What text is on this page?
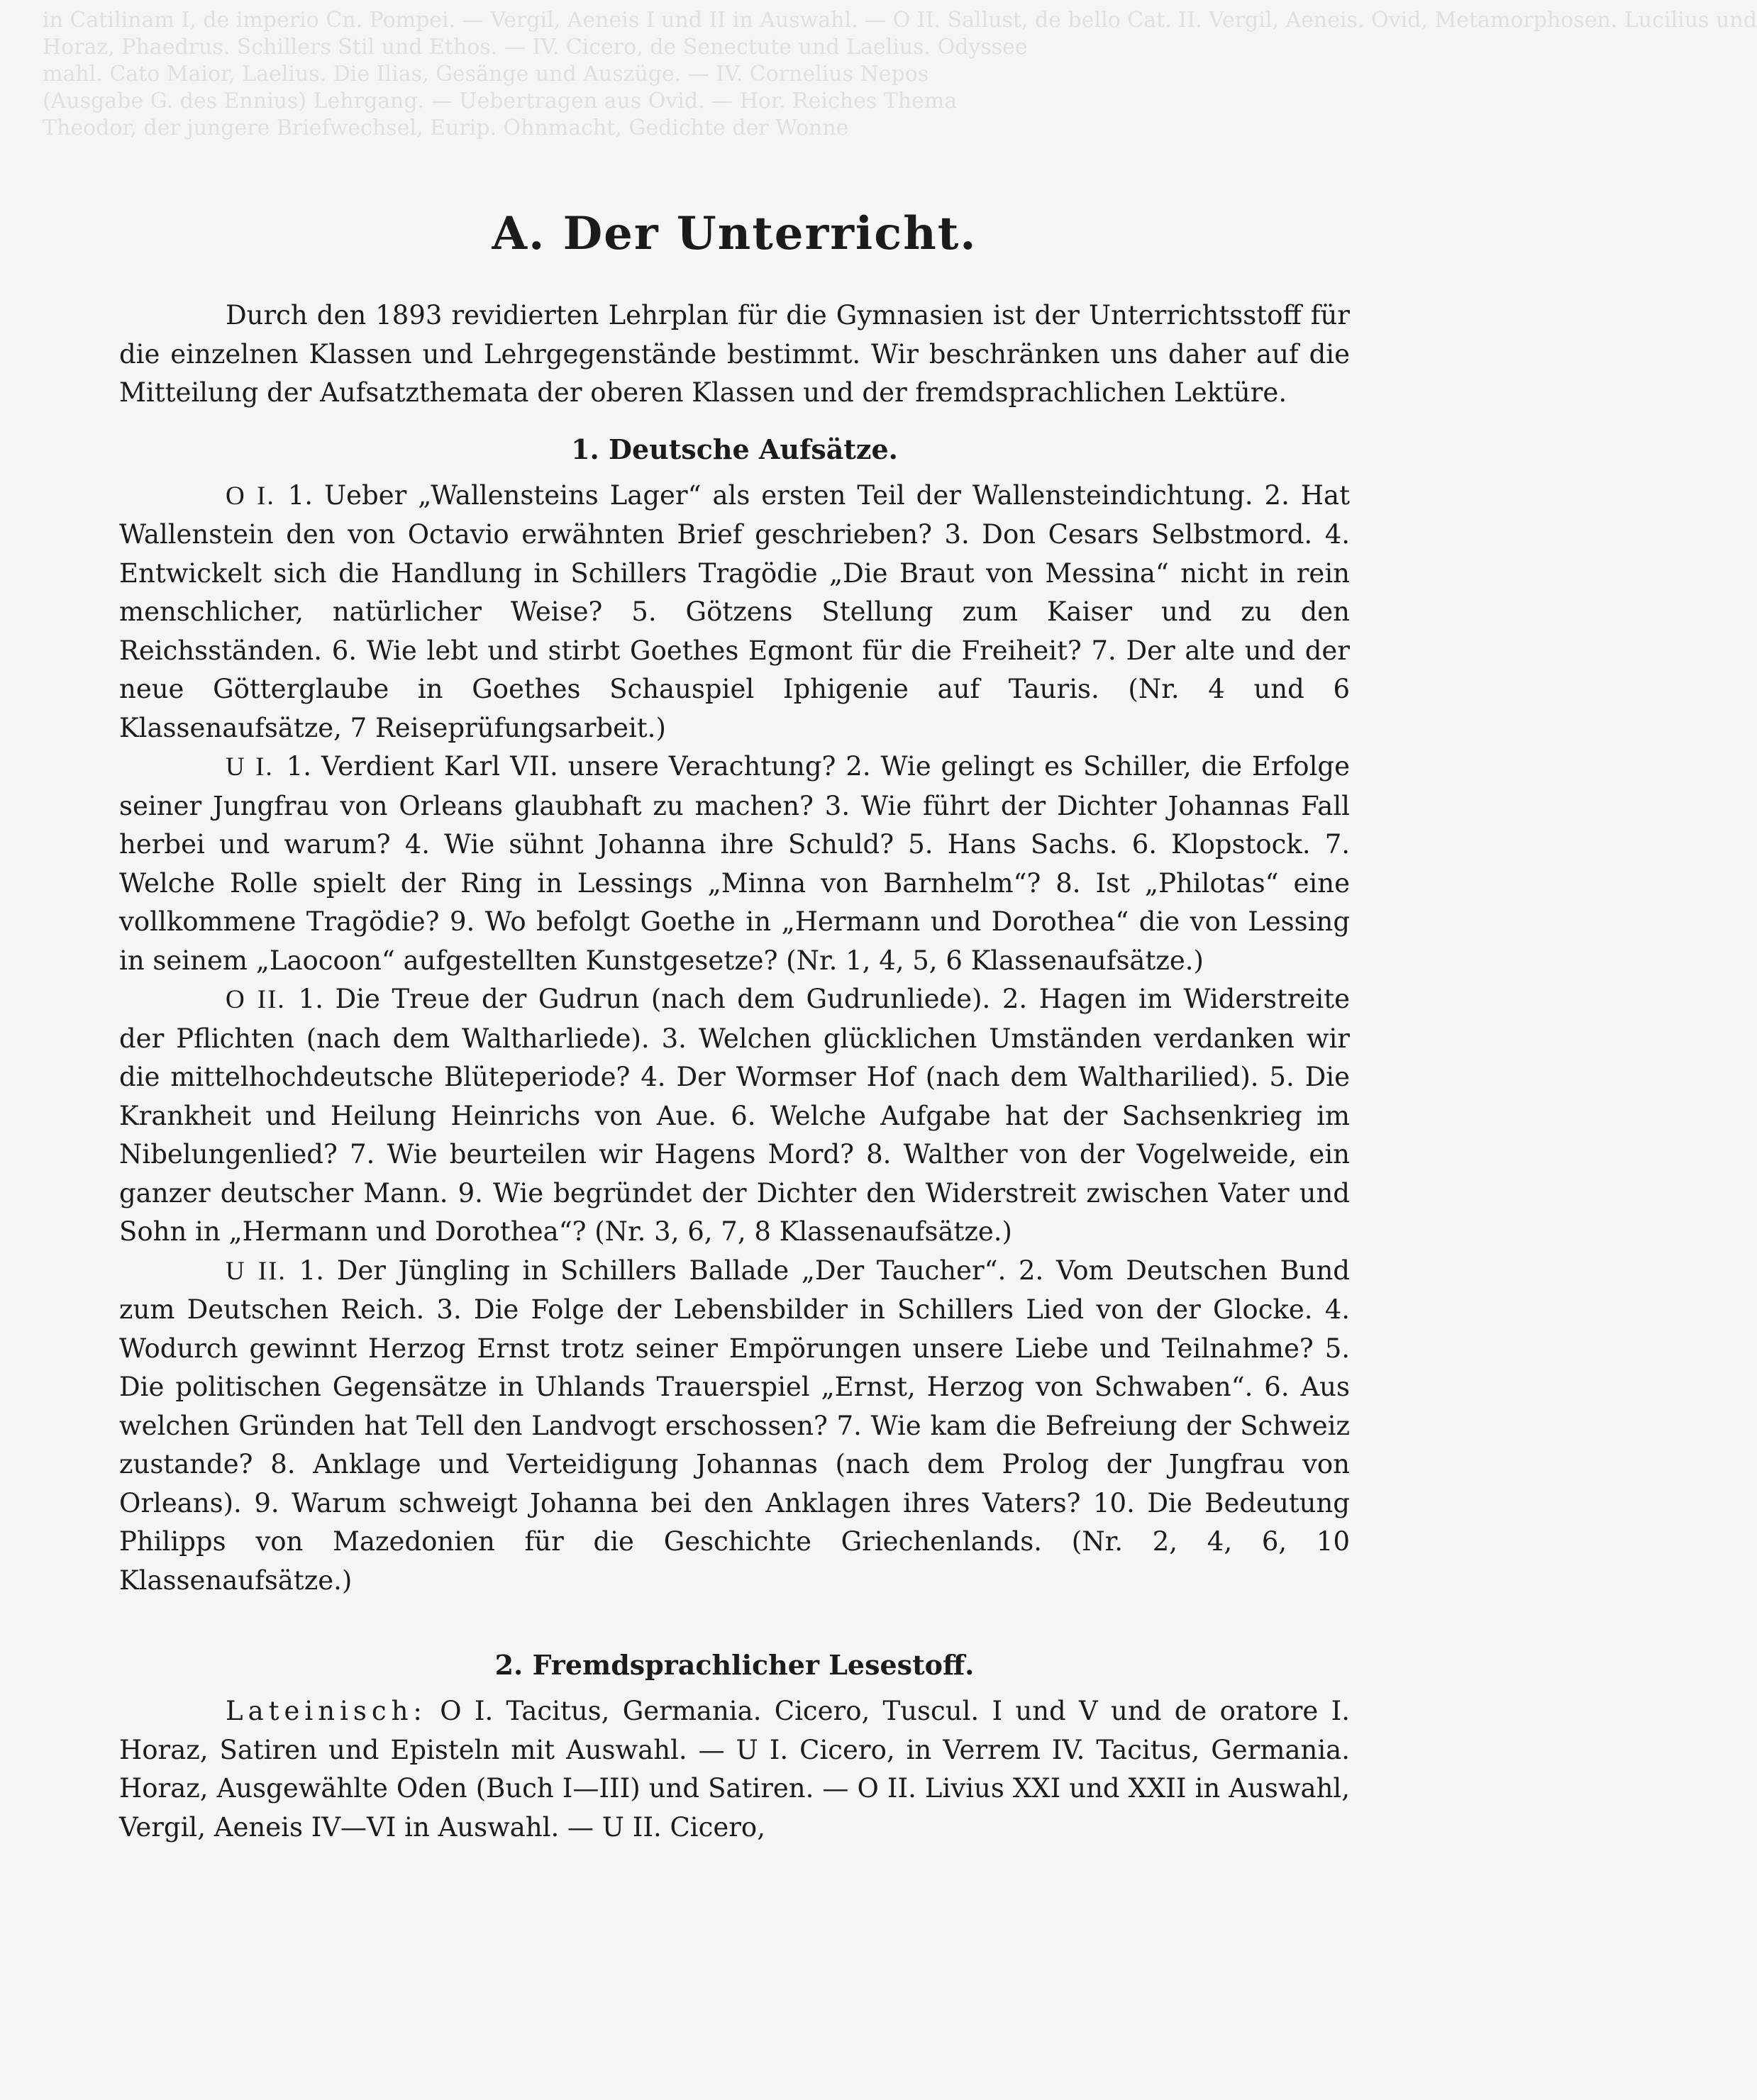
in Catilinam I, de imperio Cn. Pompei. — Vergil, Aeneis I und II in Auswahl. — O II. Sallust, de bello Cat. II. Vergil, Aeneis. Ovid, Metamorphosen. Lucilius und
Horaz, Phaedrus. Schillers Stil und Ethos. — IV. Cicero, de Senectute und Laelius. Odyssee
mahl. Cato Maior, Laelius. Die Ilias, Gesänge und Auszüge. — IV. Cornelius Nepos
(Ausgabe G. des Ennius) Lehrgang. — Uebertragen aus Ovid. — Hor. Reiches Thema
Theodor, der jungere Briefwechsel, Eurip. Ohnmacht, Gedichte der Wonne
A. Der Unterricht.

Durch den 1893 revidierten Lehrplan für die Gymnasien ist der Unterrichtsstoff für die einzelnen Klassen und Lehrgegenstände bestimmt. Wir beschränken uns daher auf die Mitteilung der Aufsatzthemata der oberen Klassen und der fremdsprachlichen Lektüre.

1. Deutsche Aufsätze.

O I. 1. Ueber „Wallensteins Lager“ als ersten Teil der Wallensteindichtung. 2. Hat Wallenstein den von Octavio erwähnten Brief geschrieben? 3. Don Cesars Selbstmord. 4. Entwickelt sich die Handlung in Schillers Tragödie „Die Braut von Messina“ nicht in rein menschlicher, natürlicher Weise? 5. Götzens Stellung zum Kaiser und zu den Reichsständen. 6. Wie lebt und stirbt Goethes Egmont für die Freiheit? 7. Der alte und der neue Götterglaube in Goethes Schauspiel Iphigenie auf Tauris. (Nr. 4 und 6 Klassenaufsätze, 7 Reiseprüfungsarbeit.)

U I. 1. Verdient Karl VII. unsere Verachtung? 2. Wie gelingt es Schiller, die Erfolge seiner Jungfrau von Orleans glaubhaft zu machen? 3. Wie führt der Dichter Johannas Fall herbei und warum? 4. Wie sühnt Johanna ihre Schuld? 5. Hans Sachs. 6. Klopstock. 7. Welche Rolle spielt der Ring in Lessings „Minna von Barnhelm“? 8. Ist „Philotas“ eine vollkommene Tragödie? 9. Wo befolgt Goethe in „Hermann und Dorothea“ die von Lessing in seinem „Laocoon“ aufgestellten Kunstgesetze? (Nr. 1, 4, 5, 6 Klassenaufsätze.)

O II. 1. Die Treue der Gudrun (nach dem Gudrunliede). 2. Hagen im Widerstreite der Pflichten (nach dem Waltharliede). 3. Welchen glücklichen Umständen verdanken wir die mittelhochdeutsche Blüteperiode? 4. Der Wormser Hof (nach dem Waltharilied). 5. Die Krankheit und Heilung Heinrichs von Aue. 6. Welche Aufgabe hat der Sachsenkrieg im Nibelungenlied? 7. Wie beurteilen wir Hagens Mord? 8. Walther von der Vogelweide, ein ganzer deutscher Mann. 9. Wie begründet der Dichter den Widerstreit zwischen Vater und Sohn in „Hermann und Dorothea“? (Nr. 3, 6, 7, 8 Klassenaufsätze.)

U II. 1. Der Jüngling in Schillers Ballade „Der Taucher“. 2. Vom Deutschen Bund zum Deutschen Reich. 3. Die Folge der Lebensbilder in Schillers Lied von der Glocke. 4. Wodurch gewinnt Herzog Ernst trotz seiner Empörungen unsere Liebe und Teilnahme? 5. Die politischen Gegensätze in Uhlands Trauerspiel „Ernst, Herzog von Schwaben“. 6. Aus welchen Gründen hat Tell den Landvogt erschossen? 7. Wie kam die Befreiung der Schweiz zustande? 8. Anklage und Verteidigung Johannas (nach dem Prolog der Jungfrau von Orleans). 9. Warum schweigt Johanna bei den Anklagen ihres Vaters? 10. Die Bedeutung Philipps von Mazedonien für die Geschichte Griechenlands. (Nr. 2, 4, 6, 10 Klassenaufsätze.)

2. Fremdsprachlicher Lesestoff.

Lateinisch: O I. Tacitus, Germania. Cicero, Tuscul. I und V und de oratore I. Horaz, Satiren und Episteln mit Auswahl. — U I. Cicero, in Verrem IV. Tacitus, Germania. Horaz, Ausgewählte Oden (Buch I—III) und Satiren. — O II. Livius XXI und XXII in Auswahl, Vergil, Aeneis IV—VI in Auswahl. — U II. Cicero,
